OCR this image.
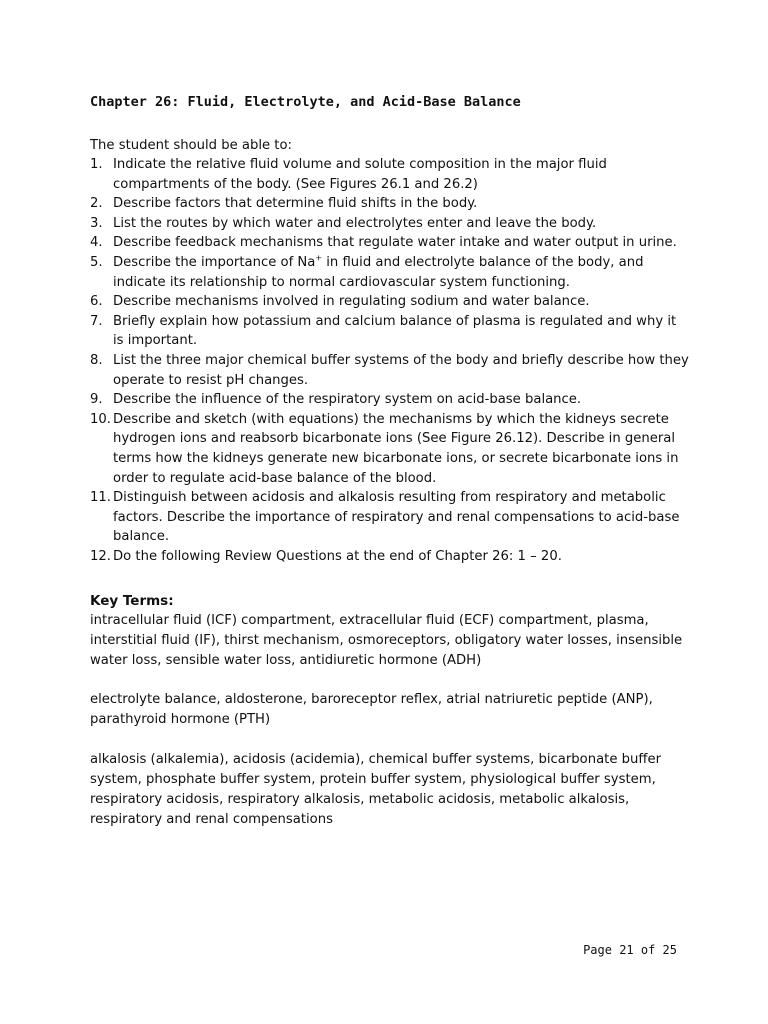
Chapter 26: Fluid, Electrolyte, and Acid-Base Balance
The student should be able to:
1. Indicate the relative fluid volume and solute composition in the major fluid compartments of the body. (See Figures 26.1 and 26.2)
2. Describe factors that determine fluid shifts in the body.
3. List the routes by which water and electrolytes enter and leave the body.
4. Describe feedback mechanisms that regulate water intake and water output in urine.
5. Describe the importance of Na+ in fluid and electrolyte balance of the body, and indicate its relationship to normal cardiovascular system functioning.
6. Describe mechanisms involved in regulating sodium and water balance.
7. Briefly explain how potassium and calcium balance of plasma is regulated and why it is important.
8. List the three major chemical buffer systems of the body and briefly describe how they operate to resist pH changes.
9. Describe the influence of the respiratory system on acid-base balance.
10. Describe and sketch (with equations) the mechanisms by which the kidneys secrete hydrogen ions and reabsorb bicarbonate ions (See Figure 26.12). Describe in general terms how the kidneys generate new bicarbonate ions, or secrete bicarbonate ions in order to regulate acid-base balance of the blood.
11. Distinguish between acidosis and alkalosis resulting from respiratory and metabolic factors. Describe the importance of respiratory and renal compensations to acid-base balance.
12. Do the following Review Questions at the end of Chapter 26: 1 – 20.
Key Terms:

intracellular fluid (ICF) compartment, extracellular fluid (ECF) compartment, plasma, interstitial fluid (IF), thirst mechanism, osmoreceptors, obligatory water losses, insensible water loss, sensible water loss, antidiuretic hormone (ADH)

electrolyte balance, aldosterone, baroreceptor reflex, atrial natriuretic peptide (ANP), parathyroid hormone (PTH)

alkalosis (alkalemia), acidosis (acidemia), chemical buffer systems, bicarbonate buffer system, phosphate buffer system, protein buffer system, physiological buffer system, respiratory acidosis, respiratory alkalosis, metabolic acidosis, metabolic alkalosis, respiratory and renal compensations

Page 21 of 25
